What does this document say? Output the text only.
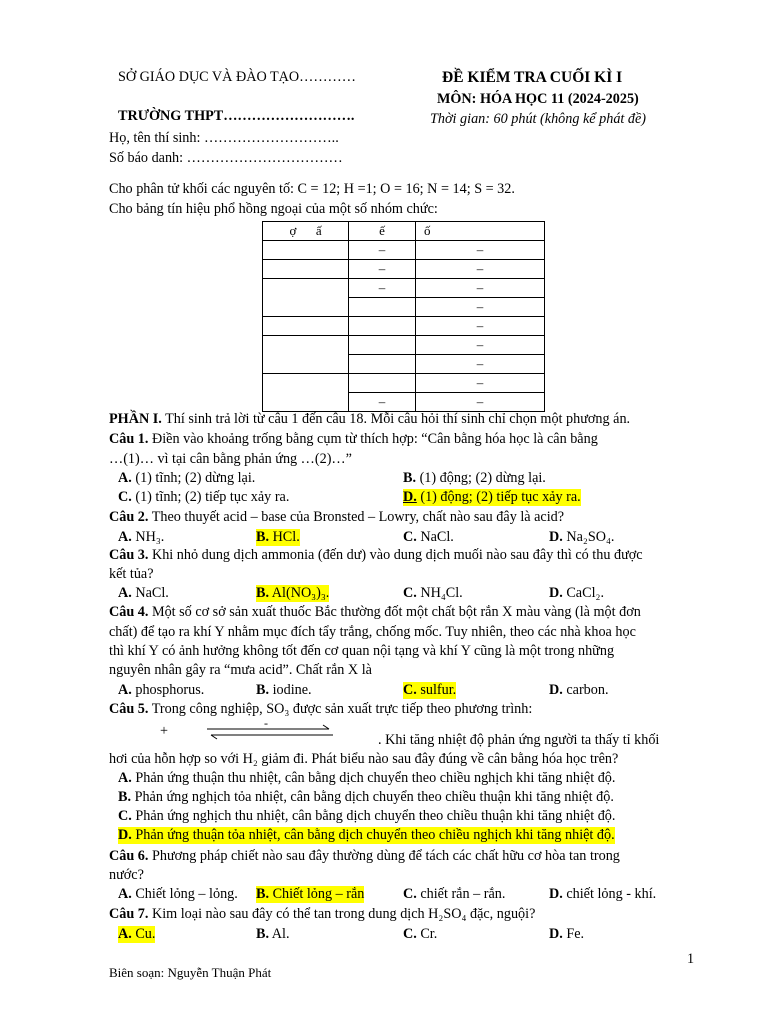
SỞ GIÁO DỤC VÀ ĐÀO TẠO…………
TRƯỜNG THPT……………………….
Họ, tên thí sinh: ………………………..
Số báo danh: ……………………………
ĐỀ KIỂM TRA CUỐI KÌ I
MÔN: HÓA HỌC 11 (2024-2025)
Thời gian: 60 phút (không kể phát đề)
Cho phân tử khối các nguyên tố: C = 12; H =1; O = 16; N = 14; S = 32.
Cho bảng tín hiệu phổ hồng ngoại của một số nhóm chức:
ợ ấ	ế	ố
	–	–
	–	–
	–	–
		–
		–
		–
		–
		–
	–	–
PHẦN I. Thí sinh trả lời từ câu 1 đến câu 18. Mỗi câu hỏi thí sinh chỉ chọn một phương án.
Câu 1. Điền vào khoảng trống bằng cụm từ thích hợp: “Cân bằng hóa học là cân bằng
…(1)… vì tại cân bằng phản ứng …(2)…”
A. (1) tĩnh; (2) dừng lại.	B. (1) động; (2) dừng lại.
C. (1) tĩnh; (2) tiếp tục xảy ra.	D. (1) động; (2) tiếp tục xảy ra.
Câu 2. Theo thuyết acid – base của Bronsted – Lowry, chất nào sau đây là acid?
A. NH₃.	B. HCl.	C. NaCl.	D. Na₂SO₄.
Câu 3. Khi nhỏ dung dịch ammonia (đến dư) vào dung dịch muối nào sau đây thì có thu được
kết tủa?
A. NaCl.	B. Al(NO₃)₃.	C. NH₄Cl.	D. CaCl₂.
Câu 4. Một số cơ sở sản xuất thuốc Bắc thường đốt một chất bột rắn X màu vàng (là một đơn
chất) để tạo ra khí Y nhằm mục đích tẩy trắng, chống mốc. Tuy nhiên, theo các nhà khoa học
thì khí Y có ảnh hưởng không tốt đến cơ quan nội tạng và khí Y cũng là một trong những
nguyên nhân gây ra “mưa acid”. Chất rắn X là
A. phosphorus.	B. iodine.	C. sulfur.	D. carbon.
Câu 5. Trong công nghiệp, SO₃ được sản xuất trực tiếp theo phương trình:
+	-
. Khi tăng nhiệt độ phản ứng người ta thấy tỉ khối
hơi của hỗn hợp so với H₂ giảm đi. Phát biểu nào sau đây đúng về cân bằng hóa học trên?
A. Phản ứng thuận thu nhiệt, cân bằng dịch chuyển theo chiều nghịch khi tăng nhiệt độ.
B. Phản ứng nghịch tỏa nhiệt, cân bằng dịch chuyển theo chiều thuận khi tăng nhiệt độ.
C. Phản ứng nghịch thu nhiệt, cân bằng dịch chuyển theo chiều thuận khi tăng nhiệt độ.
D. Phản ứng thuận tỏa nhiệt, cân bằng dịch chuyển theo chiều nghịch khi tăng nhiệt độ.
Câu 6. Phương pháp chiết nào sau đây thường dùng để tách các chất hữu cơ hòa tan trong
nước?
A. Chiết lỏng – lỏng. B. Chiết lỏng – rắn	C. chiết rắn – rắn.	D. chiết lỏng - khí.
Câu 7. Kim loại nào sau đây có thể tan trong dung dịch H₂SO₄ đặc, nguội?
A. Cu.	B. Al.	C. Cr.	D. Fe.
1
Biên soạn: Nguyễn Thuận Phát
